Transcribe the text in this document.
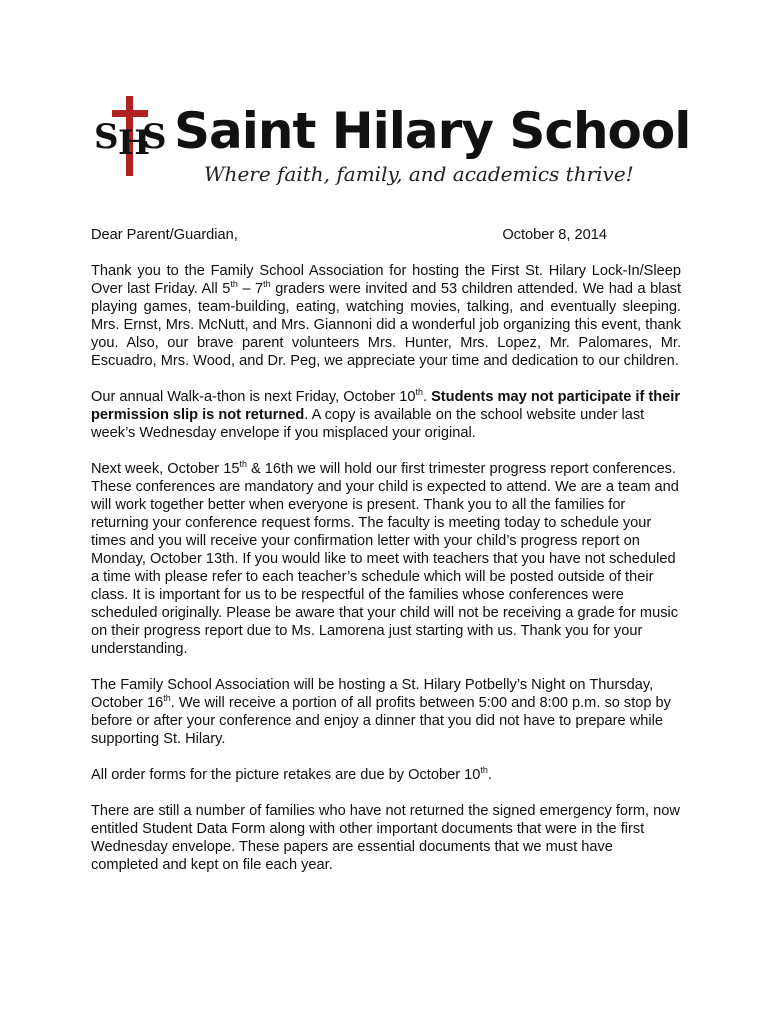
S H
S Saint Hilary School
Where faith, family, and academics thrive!
Dear Parent/Guardian,	October 8, 2014

Thank you to the Family School Association for hosting the First St. Hilary Lock-In/Sleep Over last Friday. All 5th – 7th graders were invited and 53 children attended. We had a blast playing games, team-building, eating, watching movies, talking, and eventually sleeping. Mrs. Ernst, Mrs. McNutt, and Mrs. Giannoni did a wonderful job organizing this event, thank you. Also, our brave parent volunteers Mrs. Hunter, Mrs. Lopez, Mr. Palomares, Mr. Escuadro, Mrs. Wood, and Dr. Peg, we appreciate your time and dedication to our children.

Our annual Walk-a-thon is next Friday, October 10th. Students may not participate if their permission slip is not returned. A copy is available on the school website under last week’s Wednesday envelope if you misplaced your original.

Next week, October 15th & 16th we will hold our first trimester progress report conferences. These conferences are mandatory and your child is expected to attend. We are a team and will work together better when everyone is present. Thank you to all the families for returning your conference request forms. The faculty is meeting today to schedule your times and you will receive your confirmation letter with your child’s progress report on Monday, October 13th. If you would like to meet with teachers that you have not scheduled a time with please refer to each teacher’s schedule which will be posted outside of their class. It is important for us to be respectful of the families whose conferences were scheduled originally. Please be aware that your child will not be receiving a grade for music on their progress report due to Ms. Lamorena just starting with us. Thank you for your understanding.

The Family School Association will be hosting a St. Hilary Potbelly’s Night on Thursday, October 16th. We will receive a portion of all profits between 5:00 and 8:00 p.m. so stop by before or after your conference and enjoy a dinner that you did not have to prepare while supporting St. Hilary.

All order forms for the picture retakes are due by October 10th.

There are still a number of families who have not returned the signed emergency form, now entitled Student Data Form along with other important documents that were in the first Wednesday envelope. These papers are essential documents that we must have completed and kept on file each year.
